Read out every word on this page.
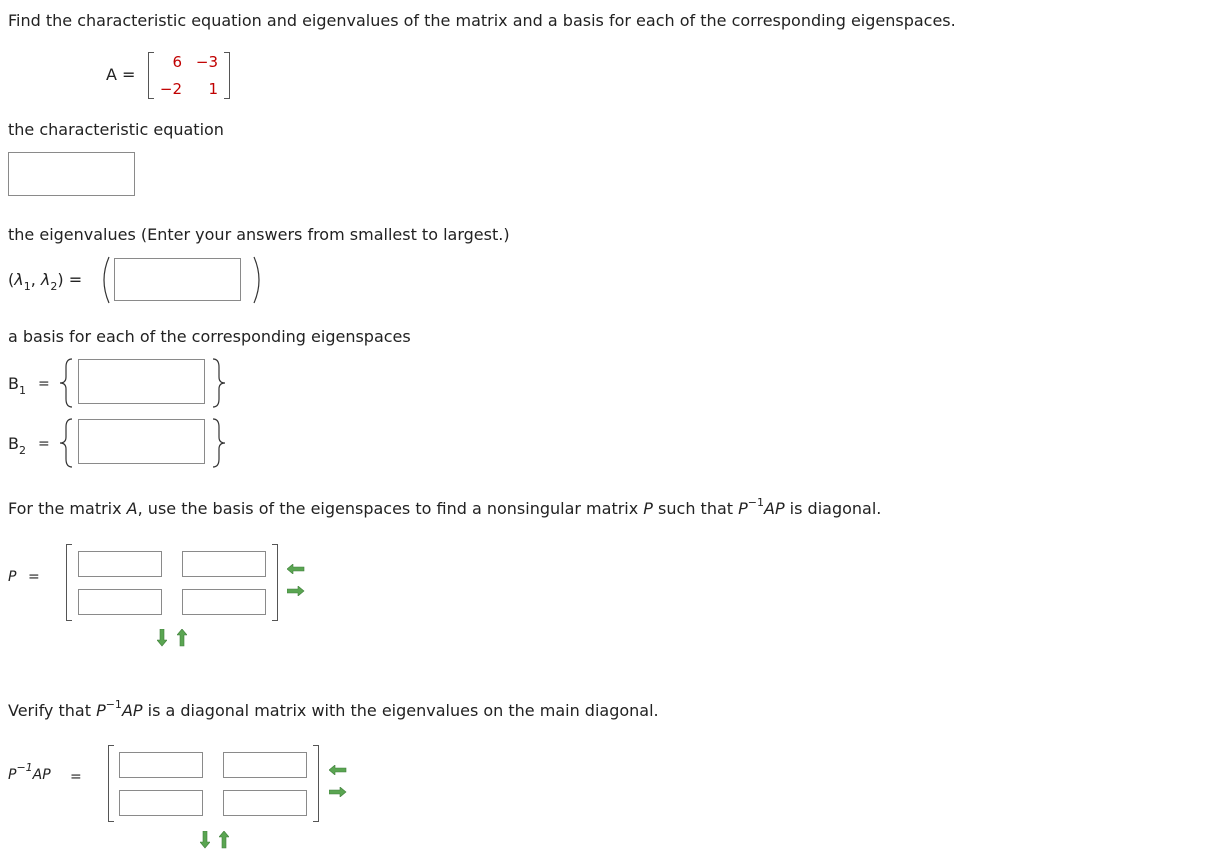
Find the characteristic equation and eigenvalues of the matrix and a basis for each of the corresponding eigenspaces.
A =
6 −3
−2	1
the characteristic equation
the eigenvalues (Enter your answers from smallest to largest.)
($\lambda_1$, $\lambda_2$) =
a basis for each of the corresponding eigenspaces
$B_1$ =
$B_2$ =
For the matrix A, use the basis of the eigenspaces to find a nonsingular matrix P such that $P^{-1}AP$ is diagonal.
P =
Verify that $P^{-1}AP$ is a diagonal matrix with the eigenvalues on the main diagonal.
$P^{-1}AP$ =
